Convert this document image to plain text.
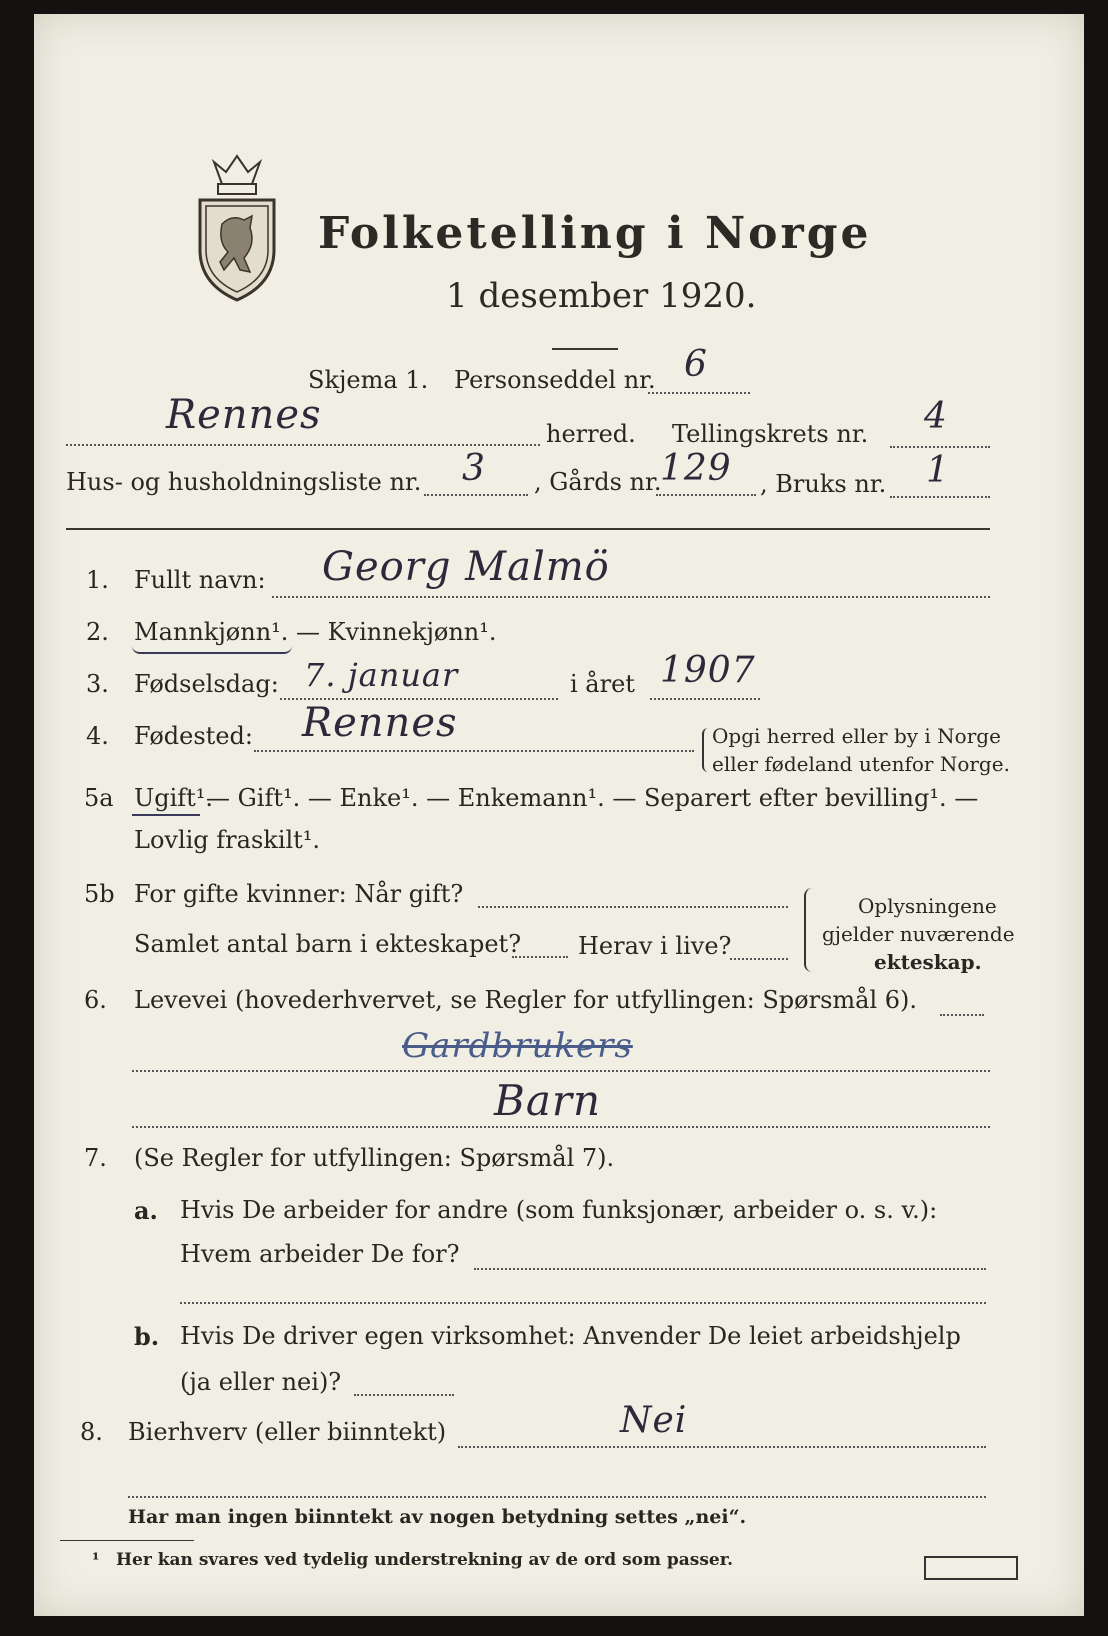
Folketelling i Norge
1 desember 1920.
Skjema 1. Personseddel nr. 6
Rennes	herred. Tellingskrets nr. 4
Hus- og husholdningsliste nr. 3 , Gårds nr.
129 , Bruks nr. 1
1. Fullt navn: Georg Malmö
2. Mannkjønn¹. — Kvinnekjønn¹.
3. Fødselsdag: 7. januar	i året 1907
4. Fødested: Rennes	Opgi herred eller by i Norge
eller fødeland utenfor Norge.
5a Ugift¹.
— Gift¹. — Enke¹. — Enkemann¹. — Separert efter bevilling¹. —
Lovlig fraskilt¹.
5b For gifte kvinner: Når gift?
Samlet antal barn i ekteskapet? Herav i live?
Oplysningene
gjelder nuværende
ekteskap.
6. Levevei (hovederhvervet, se Regler for utfyllingen: Spørsmål 6).
Gardbrukers
Barn
7. (Se Regler for utfyllingen: Spørsmål 7).
a. Hvis De arbeider for andre (som funksjonær, arbeider o. s. v.):
Hvem arbeider De for?
b. Hvis De driver egen virksomhet: Anvender De leiet arbeidshjelp
(ja eller nei)?
8. Bierhverv (eller biinntekt)	Nei
Har man ingen biinntekt av nogen betydning settes „nei“.
¹ Her kan svares ved tydelig understrekning av de ord som passer.
